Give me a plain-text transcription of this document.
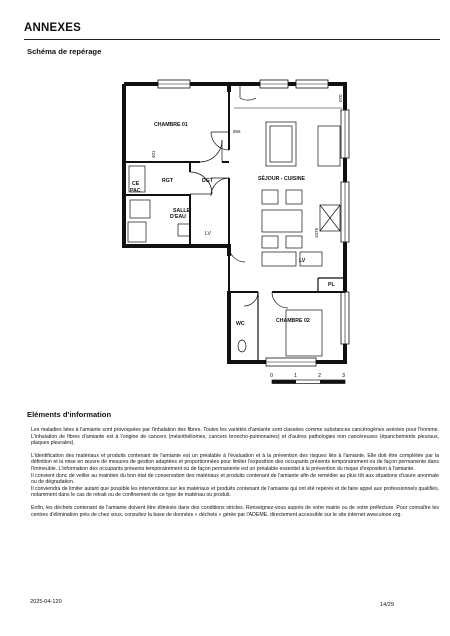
ANNEXES
Schéma de repérage
856
401
1078
070
CHAMBRE 01
RGT	DGT	SÉJOUR - CUISINE
SALLE
D'EAU
CE
PAC
WC	CHAMBRE 02
PL
LV
LV
0	1	2	3
Eléments d'information

Les maladies liées à l'amiante sont provoquées par l'inhalation des fibres. Toutes les variétés d'amiante sont classées comme substances cancérogènes avérées pour l'homme. L'inhalation de fibres d'amiante est à l'origine de cancers (mésothéliomes, cancers broncho-pulmonaires) et d'autres pathologies non cancéreuses (épanchements pleuraux, plaques pleurales).

L'identification des matériaux et produits contenant de l'amiante est un préalable à l'évaluation et à la prévention des risques liés à l'amiante. Elle doit être complétée par la définition et la mise en œuvre de mesures de gestion adaptées et proportionnées pour limiter l'exposition des occupants présents temporairement ou de façon permanente dans l'immeuble. L'information des occupants présents temporairement ou de façon permanente est un préalable essentiel à la prévention du risque d'exposition à l'amiante.

Il convient donc de veiller au maintien du bon état de conservation des matériaux et produits contenant de l'amiante afin de remédier au plus tôt aux situations d'usure anormale ou de dégradation.

Il conviendra de limiter autant que possible les interventions sur les matériaux et produits contenant de l'amiante qui ont été repérés et de faire appel aux professionnels qualifiés, notamment dans le cas de retrait ou de confinement de ce type de matériau ou produit.

Enfin, les déchets contenant de l'amiante doivent être éliminés dans des conditions strictes. Renseignez-vous auprès de votre mairie ou de votre préfecture. Pour connaître les centres d'élimination près de chez vous, consultez la base de données « déchets » gérée par l'ADEME, directement accessible sur le site internet www.sinoe.org.

2025-04-120	14/29
